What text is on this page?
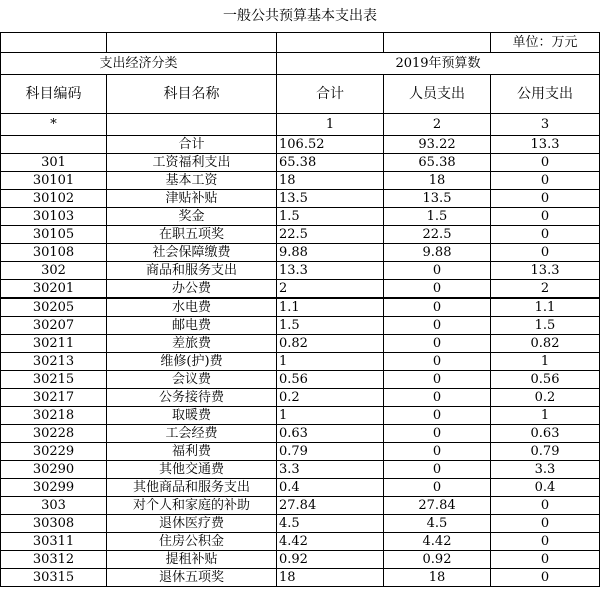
一般公共预算基本支出表				
				单位：万元
支出经济分类		2019年预算数		
科目编码	科目名称	合计	人员支出	公用支出
*		1	2	3
	合计	106.52	93.22	13.3
301	工资福利支出	65.38	65.38	0
30101	基本工资	18	18	0
30102	津贴补贴	13.5	13.5	0
30103	奖金	1.5	1.5	0
30105	在职五项奖	22.5	22.5	0
30108	社会保障缴费	9.88	9.88	0
302	商品和服务支出	13.3	0	13.3
30201	办公费	2	0	2
30205	水电费	1.1	0	1.1
30207	邮电费	1.5	0	1.5
30211	差旅费	0.82	0	0.82
30213	维修(护)费	1	0	1
30215	会议费	0.56	0	0.56
30217	公务接待费	0.2	0	0.2
30218	取暖费	1	0	1
30228	工会经费	0.63	0	0.63
30229	福利费	0.79	0	0.79
30290	其他交通费	3.3	0	3.3
30299	其他商品和服务支出	0.4	0	0.4
303	对个人和家庭的补助	27.84	27.84	0
30308	退休医疗费	4.5	4.5	0
30311	住房公积金	4.42	4.42	0
30312	提租补贴	0.92	0.92	0
30315	退休五项奖	18	18	0
